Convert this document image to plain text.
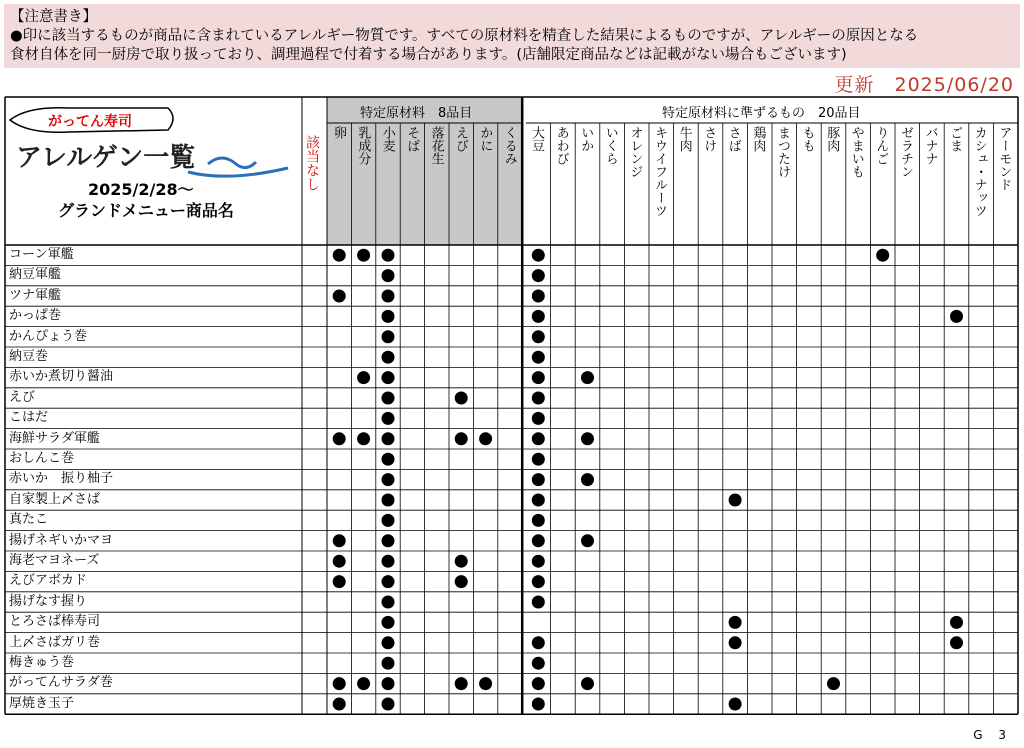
【注意書き】
●印に該当するものが商品に含まれているアレルギー物質です。すべての原材料を精査した結果によるものですが、アレルギーの原因となる
食材自体を同一厨房で取り扱っており、調理過程で付着する場合があります。(店舗限定商品などは記載がない場合もございます)
更新　2025/06/20
がってん寿司
アレルゲン一覧
2025/2/28～
グランドメニュー商品名
特定原材料　8品目	特定原材料に準ずるもの　20品目
該当なし
卵 乳成分 小麦 そば 落花生 えび かに くるみ 大豆 あわび いか いくら オレンジ キウイフルーツ 牛肉 さけ さば 鶏肉 まつたけ もも 豚肉 やまいも りんご ゼラチン バナナ ごま カシュ・ナッツ アーモンド
コーン軍艦
納豆軍艦
ツナ軍艦
かっぱ巻
かんぴょう巻
納豆巻
赤いか煮切り醤油
えび
こはだ
海鮮サラダ軍艦
おしんこ巻
赤いか　振り柚子
自家製上〆さば
真たこ
揚げネギいかマヨ
海老マヨネーズ
えびアボカド
揚げなす握り
とろさば棒寿司
上〆さばガリ巻
梅きゅう巻
がってんサラダ巻
厚焼き玉子
G 3
